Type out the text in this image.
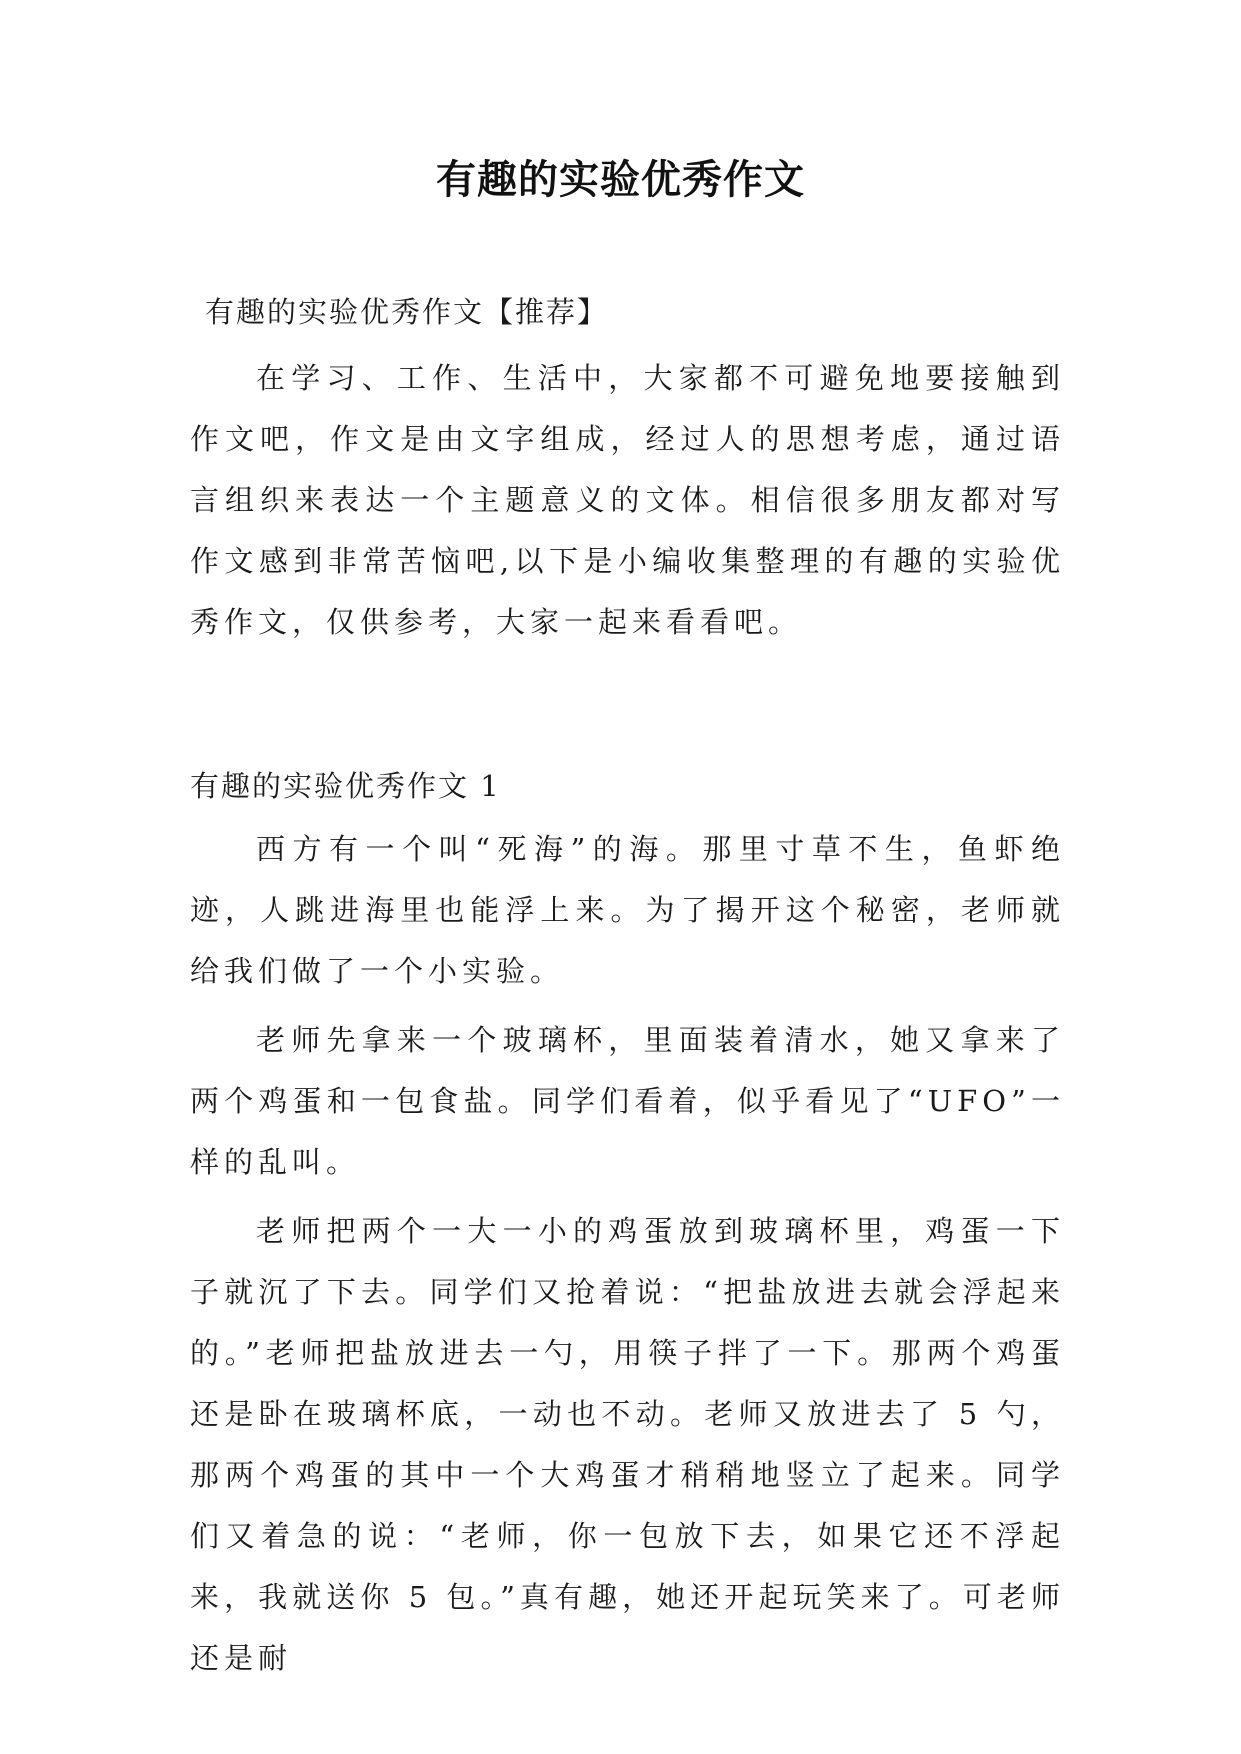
有趣的实验优秀作文
有趣的实验优秀作文【推荐】

在学习、工作、生活中，大家都不可避免地要接触到作文吧，作文是由文字组成，经过人的思想考虑，通过语言组织来表达一个主题意义的文体。相信很多朋友都对写作文感到非常苦恼吧,以下是小编收集整理的有趣的实验优秀作文，仅供参考，大家一起来看看吧。

有趣的实验优秀作文 1

西方有一个叫“死海”的海。那里寸草不生，鱼虾绝迹，人跳进海里也能浮上来。为了揭开这个秘密，老师就给我们做了一个小实验。

老师先拿来一个玻璃杯，里面装着清水，她又拿来了两个鸡蛋和一包食盐。同学们看着，似乎看见了“UFO”一样的乱叫。

老师把两个一大一小的鸡蛋放到玻璃杯里，鸡蛋一下子就沉了下去。同学们又抢着说：“把盐放进去就会浮起来的。”老师把盐放进去一勺，用筷子拌了一下。那两个鸡蛋还是卧在玻璃杯底，一动也不动。老师又放进去了 5 勺，那两个鸡蛋的其中一个大鸡蛋才稍稍地竖立了起来。同学们又着急的说：“老师，你一包放下去，如果它还不浮起来，我就送你 5 包。”真有趣，她还开起玩笑来了。可老师还是耐
